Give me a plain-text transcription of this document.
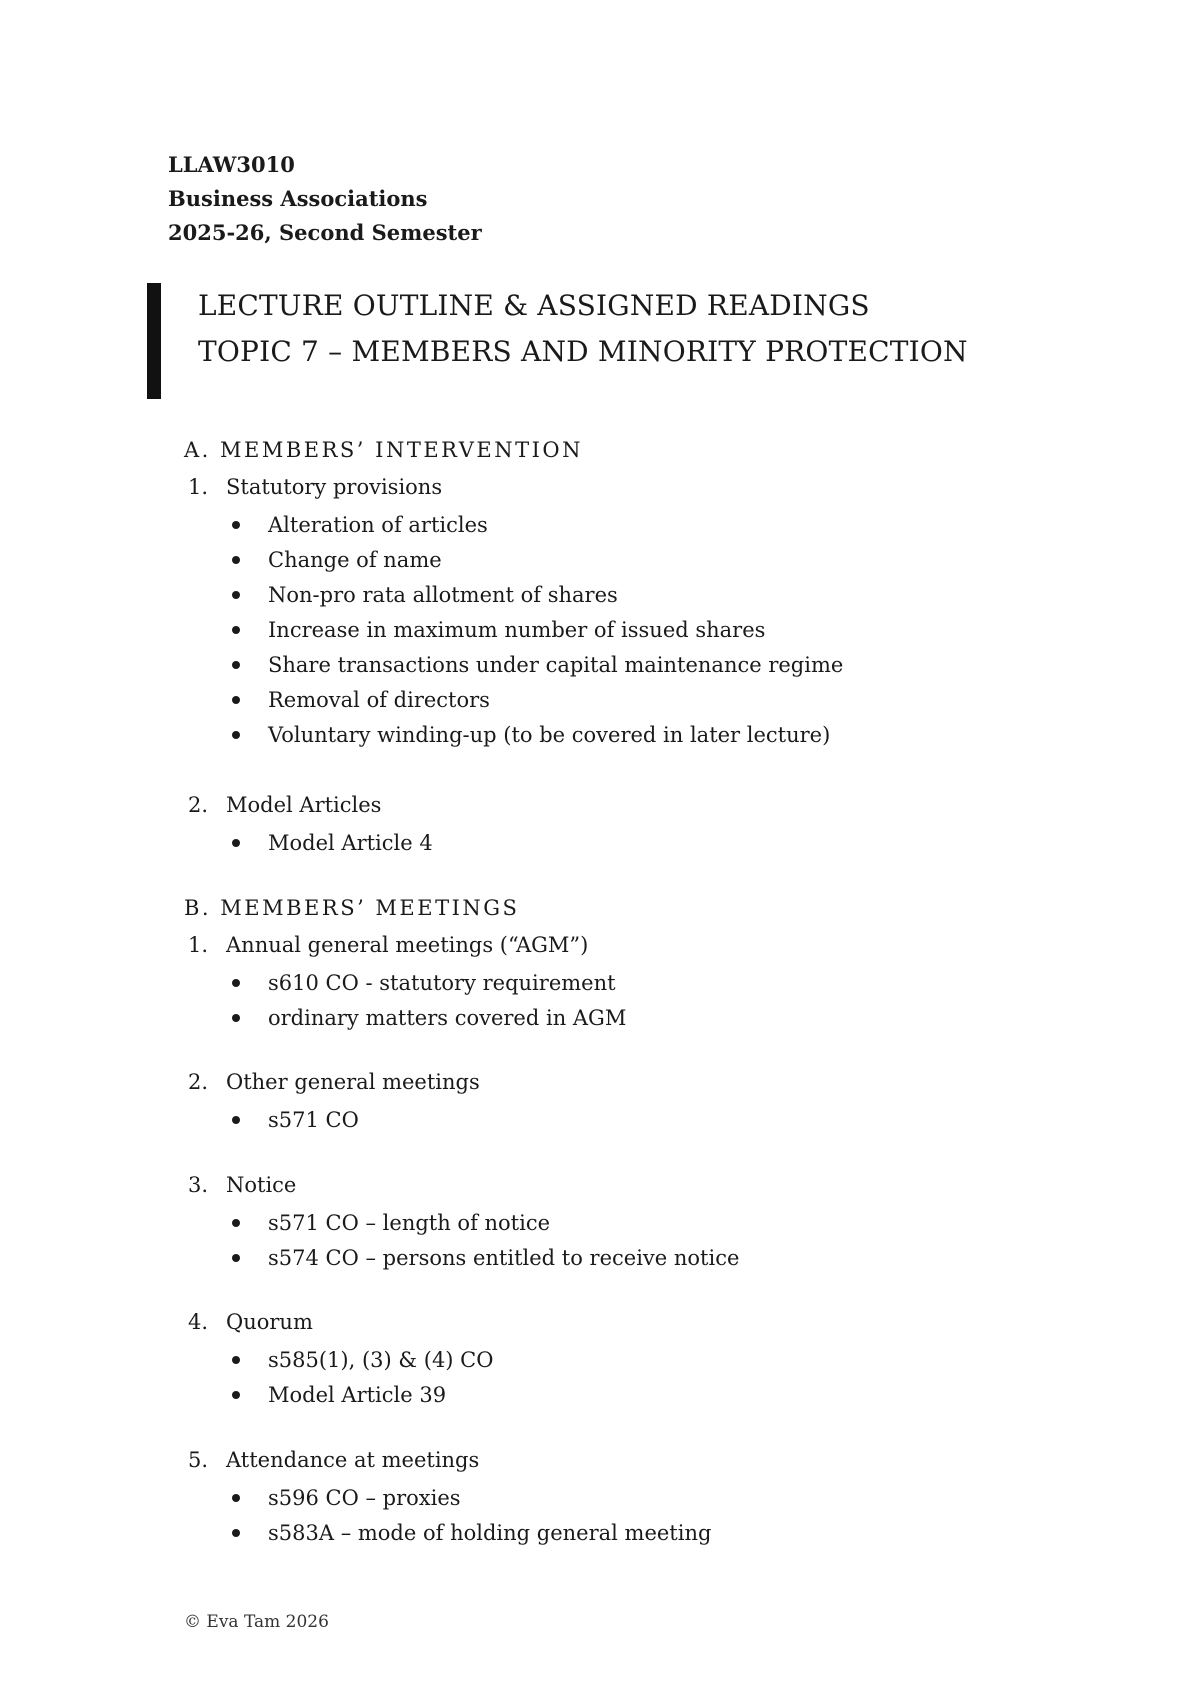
LLAW3010
Business Associations
2025-26, Second Semester
LECTURE OUTLINE & ASSIGNED READINGS
TOPIC 7 – MEMBERS AND MINORITY PROTECTION
A. MEMBERS’ INTERVENTION
1. Statutory provisions
Alteration of articles
Change of name
Non-pro rata allotment of shares
Increase in maximum number of issued shares
Share transactions under capital maintenance regime
Removal of directors
Voluntary winding-up (to be covered in later lecture)
2. Model Articles
Model Article 4
B. MEMBERS’ MEETINGS
1. Annual general meetings (“AGM”)
s610 CO - statutory requirement
ordinary matters covered in AGM
2. Other general meetings
s571 CO
3. Notice
s571 CO – length of notice
s574 CO – persons entitled to receive notice
4. Quorum
s585(1), (3) & (4) CO
Model Article 39
5. Attendance at meetings
s596 CO – proxies
s583A – mode of holding general meeting
© Eva Tam 2026
